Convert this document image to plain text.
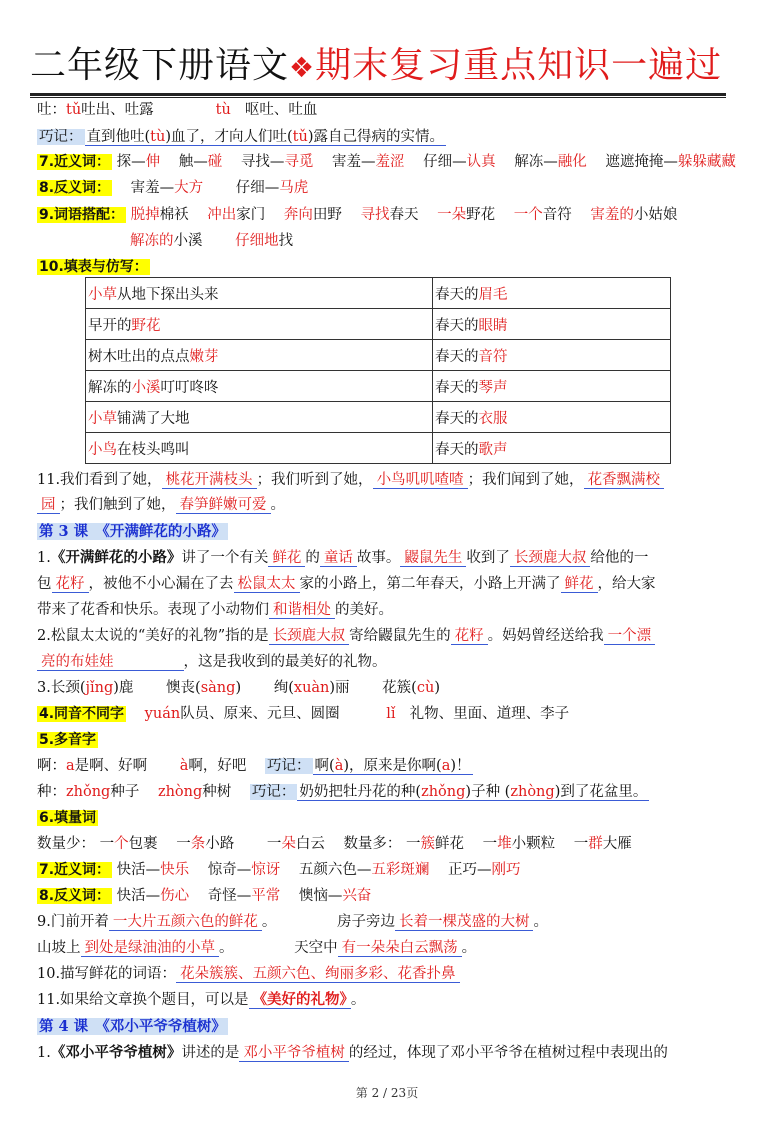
二年级下册语文❖期末复习重点知识一遍过
吐：tǔ吐出、吐露	tù 呕吐、吐血
巧记： 直到他吐(tù)血了，才向人们吐(tǔ)露自己得病的实情。
7.近义词： 探—伸 触—碰 寻找—寻觅 害羞—羞涩 仔细—认真 解冻—融化 遮遮掩掩—躲躲藏藏
8.反义词： 害羞—大方 仔细—马虎
9.词语搭配： 脱掉棉袄 冲出家门 奔向田野 寻找春天 一朵野花 一个音符 害羞的小姑娘
解冻的小溪 仔细地找
10.填表与仿写：
小草从地下探出头来	春天的眉毛
早开的野花	春天的眼睛
树木吐出的点点嫩芽	春天的音符
解冻的小溪叮叮咚咚	春天的琴声
小草铺满了大地	春天的衣服
小鸟在枝头鸣叫	春天的歌声
11.我们看到了她， 桃花开满枝头 ；我们听到了她， 小鸟叽叽喳喳 ；我们闻到了她， 花香飘满校
园 ；我们触到了她， 春笋鲜嫩可爱 。
第 3 课　《开满鲜花的小路》
1.《开满鲜花的小路》讲了一个有关 鲜花 的 童话 故事。 鼹鼠先生 收到了 长颈鹿大叔 给他的一
包 花籽 ，被他不小心漏在了去 松鼠太太 家的小路上，第二年春天，小路上开满了 鲜花 ，给大家
带来了花香和快乐。表现了小动物们 和谐相处 的美好。
2.松鼠太太说的“美好的礼物”指的是 长颈鹿大叔 寄给鼹鼠先生的 花籽 。妈妈曾经送给我 一个漂
亮的布娃娃	，这是我收到的最美好的礼物。
3.长颈(jǐng)鹿 懊丧(sàng) 绚(xuàn)丽 花簇(cù)
4.同音不同字 yuán队员、原来、元旦、圆圈	lǐ 礼物、里面、道理、李子
5.多音字
啊：a是啊、好啊 à啊，好吧 巧记： 啊(à)，原来是你啊(a)！
种：zhǒng种子 zhòng种树 巧记： 奶奶把牡丹花的种(zhǒng)子种 (zhòng)到了花盆里。
6.填量词
数量少： 一个包裹 一条小路 一朵白云 数量多： 一簇鲜花 一堆小颗粒 一群大雁
7.近义词： 快活—快乐 惊奇—惊讶 五颜六色—五彩斑斓 正巧—刚巧
8.反义词： 快活—伤心 奇怪—平常 懊恼—兴奋
9.门前开着 一大片五颜六色的鲜花 。	房子旁边 长着一棵茂盛的大树 。
山坡上 到处是绿油油的小草 。	天空中 有一朵朵白云飘荡 。
10.描写鲜花的词语： 花朵簇簇、五颜六色、绚丽多彩、花香扑鼻
11.如果给文章换个题目，可以是 《美好的礼物》 。
第 4 课　《邓小平爷爷植树》
1.《邓小平爷爷植树》讲述的是 邓小平爷爷植树 的经过，体现了邓小平爷爷在植树过程中表现出的
第 2 / 23页
